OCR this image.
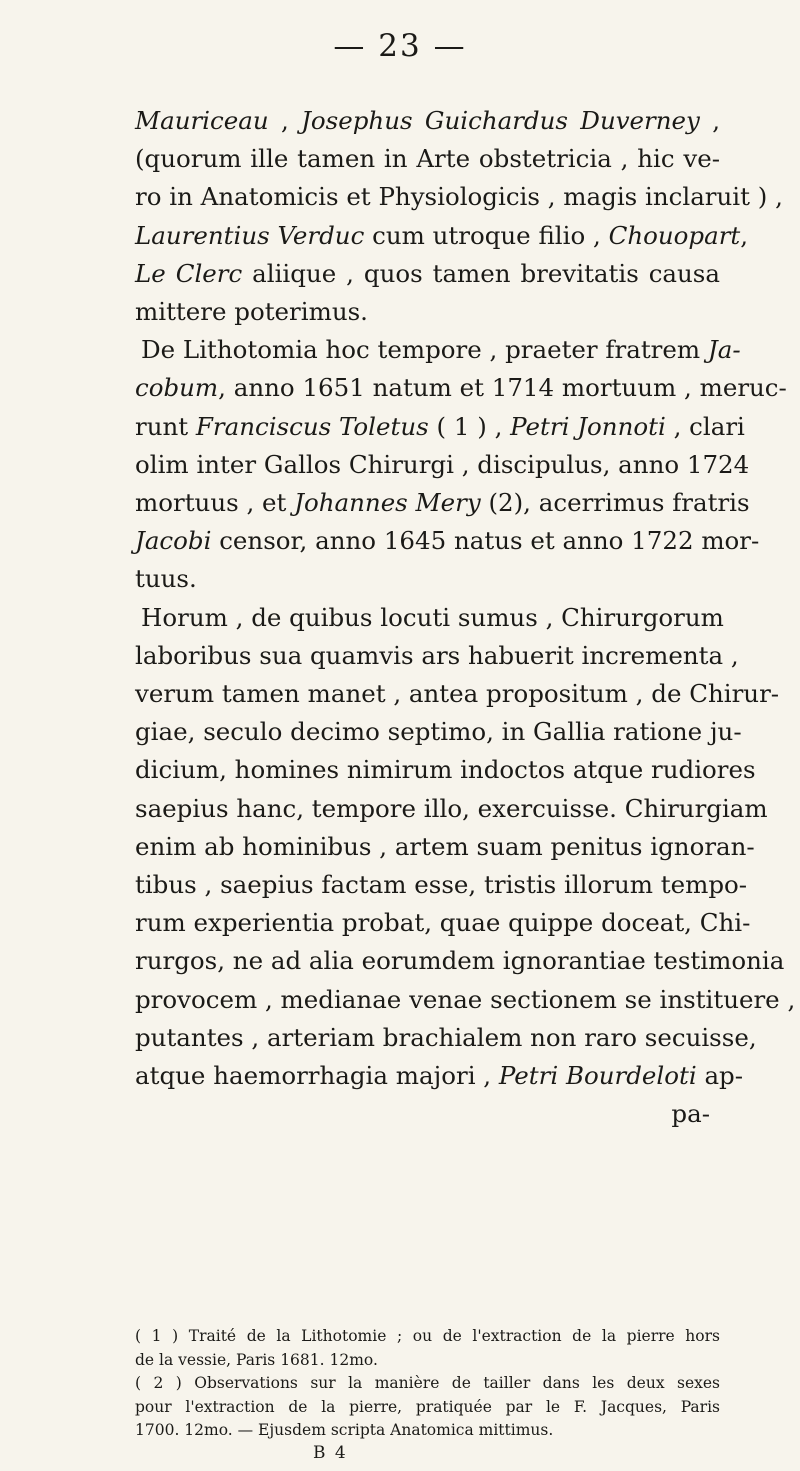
— 23 —
Mauriceau , Josephus Guichardus Duverney ,
(quorum ille tamen in Arte obstetricia , hic ve-
ro in Anatomicis et Physiologicis , magis inclaruit ) ,
Laurentius Verduc cum utroque filio , Chouopart,
Le Clerc aliique , quos tamen brevitatis causa
mittere poterimus.
De Lithotomia hoc tempore , praeter fratrem Ja-
cobum, anno 1651 natum et 1714 mortuum , meruc-
runt Franciscus Toletus ( 1 ) , Petri Jonnoti , clari
olim inter Gallos Chirurgi , discipulus, anno 1724
mortuus , et Johannes Mery (2), acerrimus fratris
Jacobi censor, anno 1645 natus et anno 1722 mor-
tuus.
Horum , de quibus locuti sumus , Chirurgorum
laboribus sua quamvis ars habuerit incrementa ,
verum tamen manet , antea propositum , de Chirur-
giae, seculo decimo septimo, in Gallia ratione ju-
dicium, homines nimirum indoctos atque rudiores
saepius hanc, tempore illo, exercuisse. Chirurgiam
enim ab hominibus , artem suam penitus ignoran-
tibus , saepius factam esse, tristis illorum tempo-
rum experientia probat, quae quippe doceat, Chi-
rurgos, ne ad alia eorumdem ignorantiae testimonia
provocem , medianae venae sectionem se instituere ,
putantes , arteriam brachialem non raro secuisse,
atque haemorrhagia majori , Petri Bourdeloti ap-
pa-
( 1 ) Traité de la Lithotomie ; ou de l'extraction de la pierre hors
de la vessie, Paris 1681. 12mo.
( 2 ) Observations sur la manière de tailler dans les deux sexes
pour l'extraction de la pierre, pratiquée par le F. Jacques, Paris
1700. 12mo. — Ejusdem scripta Anatomica mittimus.
B 4
